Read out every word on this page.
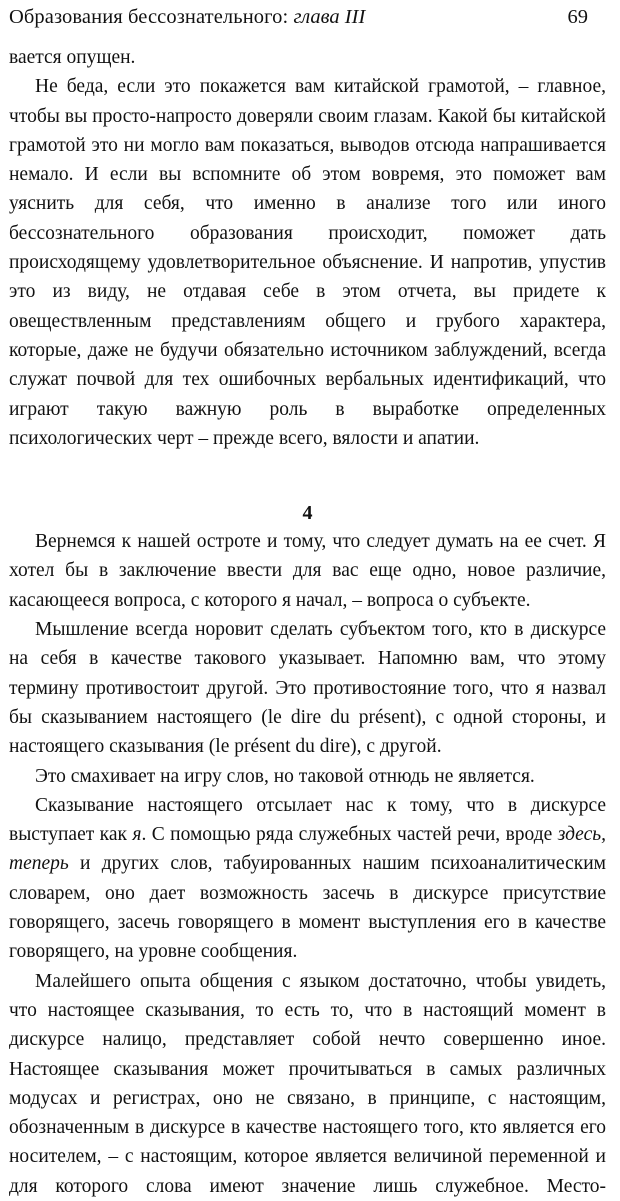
Образования бессознательного: глава III	69

вается опущен.

Не беда, если это покажется вам китайской грамотой, – главное, чтобы вы просто-напросто доверяли своим глазам. Какой бы китайской грамотой это ни могло вам показаться, выводов отсюда напрашивается немало. И если вы вспомните об этом вовремя, это поможет вам уяснить для себя, что именно в анализе того или иного бессознательного образования происходит, поможет дать происходящему удовлетворительное объяснение. И напротив, упустив это из виду, не отдавая себе в этом отчета, вы придете к овеществленным представлениям общего и грубого характера, которые, даже не будучи обязательно источником заблуждений, всегда служат почвой для тех ошибочных вербальных идентификаций, что играют такую важную роль в выработке определенных психологических черт – прежде всего, вялости и апатии.

4

Вернемся к нашей остроте и тому, что следует думать на ее счет. Я хотел бы в заключение ввести для вас еще одно, новое различие, касающееся вопроса, с которого я начал, – вопроса о субъекте.

Мышление всегда норовит сделать субъектом того, кто в дискурсе на себя в качестве такового указывает. Напомню вам, что этому термину противостоит другой. Это противостояние того, что я назвал бы сказыванием настоящего (le dire du présent), с одной стороны, и настоящего сказывания (le présent du dire), с другой.

Это смахивает на игру слов, но таковой отнюдь не является.

Сказывание настоящего отсылает нас к тому, что в дискурсе выступает как я. С помощью ряда служебных частей речи, вроде здесь, теперь и других слов, табуированных нашим психоаналитическим словарем, оно дает возможность засечь в дискурсе присутствие говорящего, засечь говорящего в момент выступления его в качестве говорящего, на уровне сообщения.

Малейшего опыта общения с языком достаточно, чтобы увидеть, что настоящее сказывания, то есть то, что в настоящий момент в дискурсе налицо, представляет собой нечто совершенно иное. Настоящее сказывания может прочитываться в самых различных модусах и регистрах, оно не связано, в принципе, с настоящим, обозначенным в дискурсе в качестве настоящего того, кто является его носителем, – с настоящим, которое является величиной переменной и для которого слова имеют значение лишь служебное. Место-
